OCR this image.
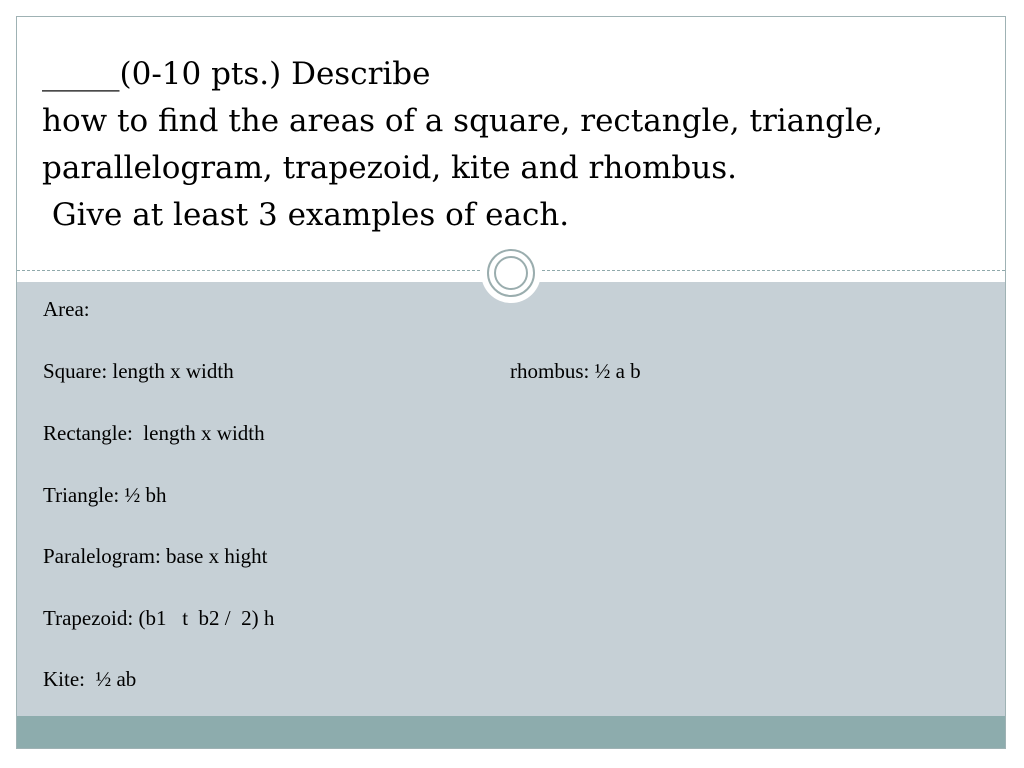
_____(0-10 pts.) Describe
how to find the areas of a square, rectangle, triangle,
parallelogram, trapezoid, kite and rhombus.
Give at least 3 examples of each.

Area:

Square: length x width	rhombus: ½ a b

Rectangle:  length x width

Triangle: ½ bh

Paralelogram: base x hight

Trapezoid: (b1   t  b2 /  2) h

Kite:  ½ ab
